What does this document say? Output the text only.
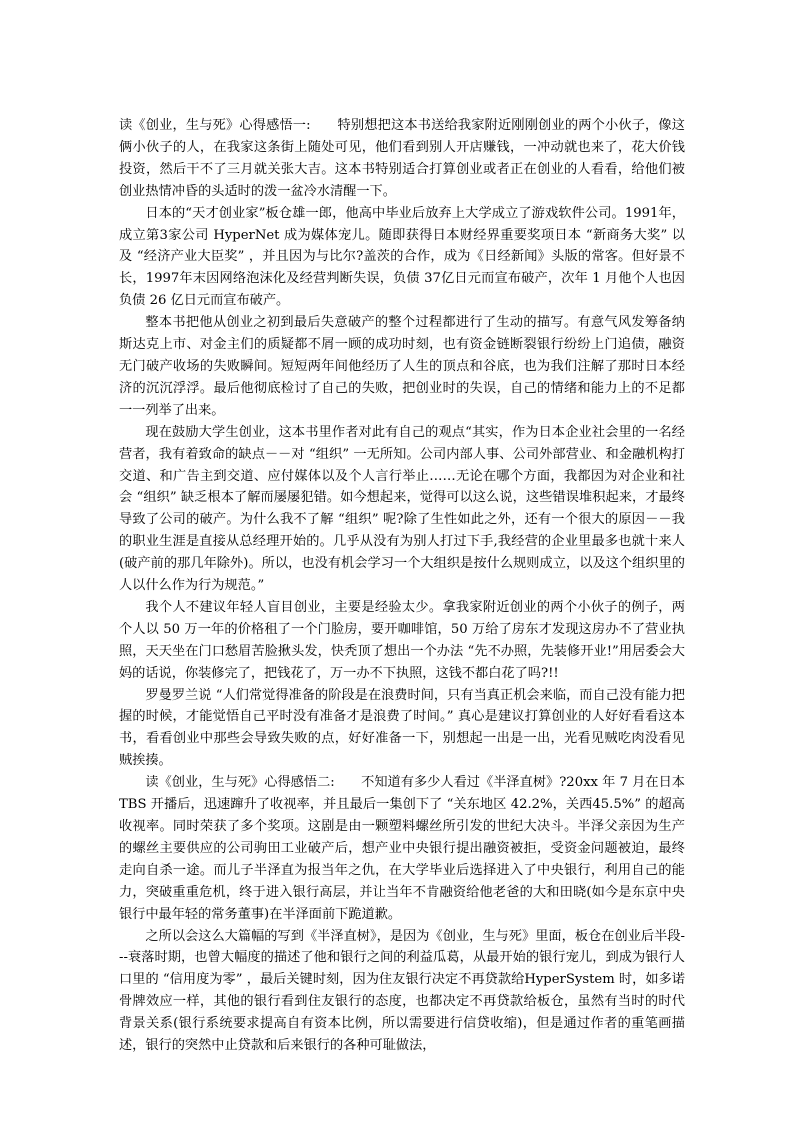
读《创业，生与死》心得感悟一:　　特别想把这本书送给我家附近刚刚创业的两个小伙子，像这俩小伙子的人，在我家这条街上随处可见，他们看到别人开店赚钱，一冲动就也来了，花大价钱投资，然后干不了三月就关张大吉。这本书特别适合打算创业或者正在创业的人看看，给他们被创业热情冲昏的头适时的泼一盆冷水清醒一下。

日本的“天才创业家”板仓雄一郎，他高中毕业后放弃上大学成立了游戏软件公司。1991年，成立第3家公司 HyperNet 成为媒体宠儿。随即获得日本财经界重要奖项日本 “新商务大奖” 以及 “经济产业大臣奖” ，并且因为与比尔?盖茨的合作，成为《日经新闻》头版的常客。但好景不长，1997年末因网络泡沫化及经营判断失误，负债 37亿日元而宣布破产，次年 1 月他个人也因负债 26 亿日元而宣布破产。

整本书把他从创业之初到最后失意破产的整个过程都进行了生动的描写。有意气风发筹备纳斯达克上市、对金主们的质疑都不屑一顾的成功时刻，也有资金链断裂银行纷纷上门追债，融资无门破产收场的失败瞬间。短短两年间他经历了人生的顶点和谷底，也为我们注解了那时日本经济的沉沉浮浮。最后他彻底检讨了自己的失败，把创业时的失误，自己的情绪和能力上的不足都一一列举了出来。

现在鼓励大学生创业，这本书里作者对此有自己的观点“其实，作为日本企业社会里的一名经营者，我有着致命的缺点－－对 “组织” 一无所知。公司内部人事、公司外部营业、和金融机构打交道、和广告主到交道、应付媒体以及个人言行举止……无论在哪个方面，我都因为对企业和社会 “组织” 缺乏根本了解而屡屡犯错。如今想起来，觉得可以这么说，这些错误堆积起来，才最终导致了公司的破产。为什么我不了解 “组织” 呢?除了生性如此之外，还有一个很大的原因－－我的职业生涯是直接从总经理开始的。几乎从没有为别人打过下手,我经营的企业里最多也就十来人(破产前的那几年除外)。所以，也没有机会学习一个大组织是按什么规则成立，以及这个组织里的人以什么作为行为规范。”

我个人不建议年轻人盲目创业，主要是经验太少。拿我家附近创业的两个小伙子的例子，两个人以 50 万一年的价格租了一个门脸房，要开咖啡馆，50 万给了房东才发现这房办不了营业执照，天天坐在门口愁眉苦脸揪头发，快秃顶了想出一个办法 “先不办照，先装修开业!”用居委会大妈的话说，你装修完了，把钱花了，万一办不下执照，这钱不都白花了吗?!!

罗曼罗兰说 “人们常觉得准备的阶段是在浪费时间，只有当真正机会来临，而自己没有能力把握的时候，才能觉悟自己平时没有准备才是浪费了时间。” 真心是建议打算创业的人好好看看这本书，看看创业中那些会导致失败的点，好好准备一下，别想起一出是一出，光看见贼吃肉没看见贼挨揍。

读《创业，生与死》心得感悟二:　　不知道有多少人看过《半泽直树》?20xx 年 7 月在日本 TBS 开播后，迅速蹿升了收视率，并且最后一集创下了 “关东地区 42.2%，关西45.5%” 的超高收视率。同时荣获了多个奖项。这剧是由一颗塑料螺丝所引发的世纪大决斗。半泽父亲因为生产的螺丝主要供应的公司驹田工业破产后，想产业中央银行提出融资被拒，受资金问题被迫，最终走向自杀一途。而儿子半泽直为报当年之仇，在大学毕业后选择进入了中央银行，利用自己的能力，突破重重危机，终于进入银行高层，并让当年不肯融资给他老爸的大和田晓(如今是东京中央银行中最年轻的常务董事)在半泽面前下跪道歉。

之所以会这么大篇幅的写到《半泽直树》，是因为《创业，生与死》里面，板仓在创业后半段---衰落时期，也曾大幅度的描述了他和银行之间的利益瓜葛，从最开始的银行宠儿，到成为银行人口里的 “信用度为零” ，最后关键时刻，因为住友银行决定不再贷款给HyperSystem 时，如多诺骨牌效应一样，其他的银行看到住友银行的态度，也都决定不再贷款给板仓，虽然有当时的时代背景关系(银行系统要求提高自有资本比例，所以需要进行信贷收缩)，但是通过作者的重笔画描述，银行的突然中止贷款和后来银行的各种可耻做法，
